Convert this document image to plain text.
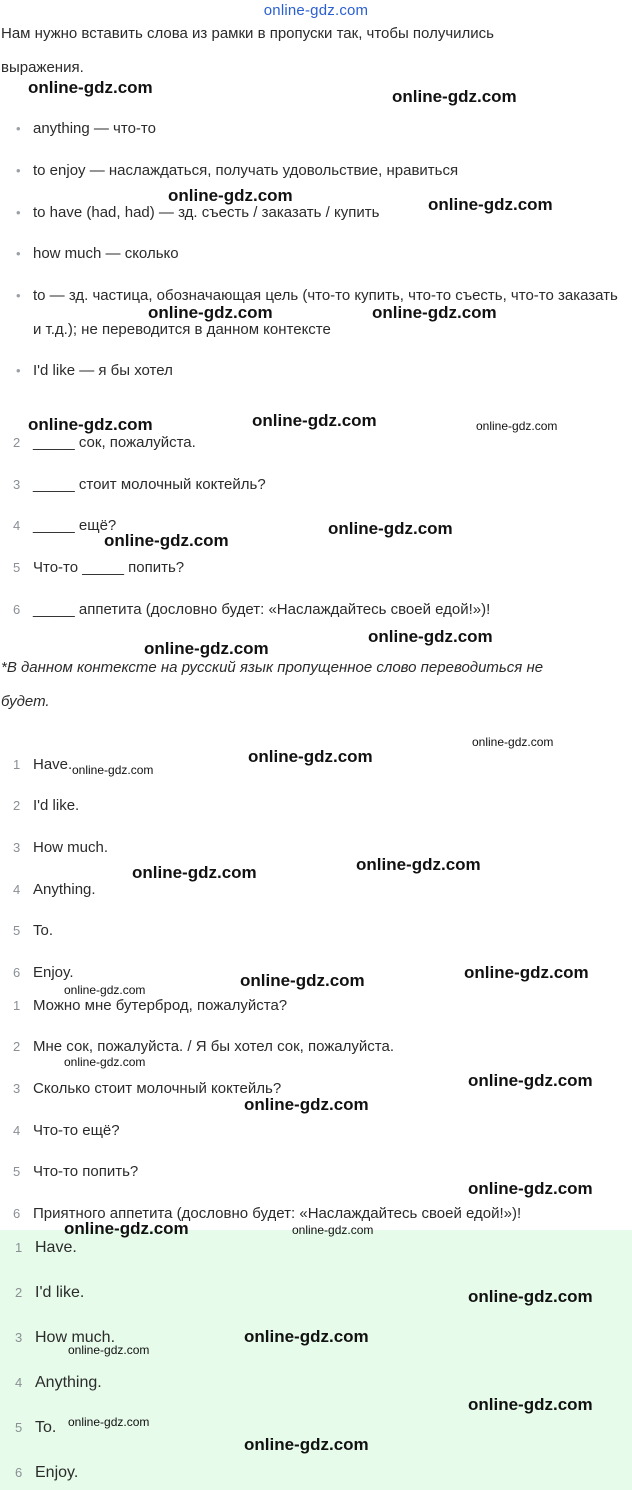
online-gdz.com
Нам нужно вставить слова из рамки в пропуски так, чтобы получились
выражения.
• anything — что-то
• to enjoy — наслаждаться, получать удовольствие, нравиться
• to have (had, had) — зд. съесть / заказать / купить
• how much — сколько
• to — зд. частица, обозначающая цель (что-то купить, что-то съесть, что-то заказать и т.д.); не переводится в данном контексте
• I'd like — я бы хотел
2 _____ сок, пожалуйста.
3 _____ стоит молочный коктейль?
4 _____ ещё?
5 Что-то _____ попить?
6 _____ аппетита (дословно будет: «Наслаждайтесь своей едой!»)!
*В данном контексте на русский язык пропущенное слово переводиться не
будет.
1 Have.
2 I'd like.
3 How much.
4 Anything.
5 To.
6 Enjoy.
1 Можно мне бутерброд, пожалуйста?
2 Мне сок, пожалуйста. / Я бы хотел сок, пожалуйста.
3 Сколько стоит молочный коктейль?
4 Что-то ещё?
5 Что-то попить?
6 Приятного аппетита (дословно будет: «Наслаждайтесь своей едой!»)!
1 Have.
2 I'd like.
3 How much.
4 Anything.
5 To.
6 Enjoy.
online-gdz.com	online-gdz.com
online-gdz.com	online-gdz.com
online-gdz.com	online-gdz.com
online-gdz.com	online-gdz.com	online-gdz.com
online-gdz.com
online-gdz.com
online-gdz.com
online-gdz.com
online-gdz.com
online-gdz.com
online-gdz.com
online-gdz.com
online-gdz.com
online-gdz.com
online-gdz.com
online-gdz.com
online-gdz.com
online-gdz.com
online-gdz.com
online-gdz.com
online-gdz.com	online-gdz.com
online-gdz.com
online-gdz.com
online-gdz.com
online-gdz.com
online-gdz.com
online-gdz.com
